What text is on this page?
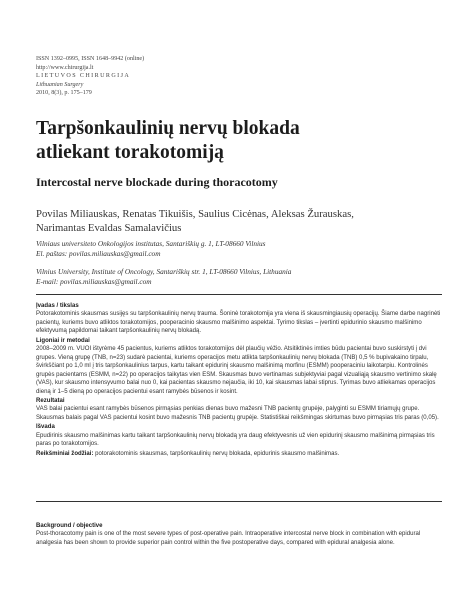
ISSN 1392–0995, ISSN 1648–9942 (online)
http://www.chirurgija.lt
LIETUVOS CHIRURGIJA
Lithuanian Surgery
2010, 8(3), p. 175–179
Tarpšonkaulinių nervų blokada
atliekant torakotomiją
Intercostal nerve blockade during thoracotomy
Povilas Miliauskas, Renatas Tikuišis, Saulius Cicėnas, Aleksas Žurauskas,
Narimantas Evaldas Samalavičius
Vilniaus universiteto Onkologijos institutas, Santariškių g. 1, LT-08660 Vilnius
El. paštas: povilas.miliauskas@gmail.com
Vilnius University, Institute of Oncology, Santariškių str. 1, LT-08660 Vilnius, Lithuania
E-mail: povilas.miliauskas@gmail.com
Įvadas / tikslas

Potorakotominis skausmas susijęs su tarpšonkaulinių nervų trauma. Šoninė torakotomija yra viena iš skausmingiausių operacijų. Šiame darbe nagrinėti pacientų, kuriems buvo atliktos torakotomijos, pooperacinio skausmo malšinimo aspektai. Tyrimo tikslas – įvertinti epidurinio skausmo malšinimo efektyvumą papildomai taikant tarpšonkaulinių nervų blokadą.

Ligoniai ir metodai

2008–2009 m. VUOI ištyrėme 45 pacientus, kuriems atliktos torakotomijos dėl plaučių vėžio. Atsitiktinės imties būdu pacientai buvo suskirstyti į dvi grupes. Vieną grupę (TNB, n=23) sudarė pacientai, kuriems operacijos metu atlikta tarpšonkaulinių nervų blokada (TNB) 0,5 % bupivakaino tirpalu, švirkščiant po 1,0 ml į tris tarpšonkaulinius tarpus, kartu taikant epidurinį skausmo malšinimą morfinu (ESMM) pooperaciniu laikotarpiu. Kontrolinės grupės pacientams (ESMM, n=22) po operacijos taikytas vien ESM. Skausmas buvo vertinamas subjektyviai pagal vizualiąją skausmo vertinimo skalę (VAS), kur skausmo intensyvumo balai nuo 0, kai pacientas skausmo nejaučia, iki 10, kai skausmas labai stiprus. Tyrimas buvo atliekamas operacijos dieną ir 1–5 dieną po operacijos pacientui esant ramybės būsenos ir kosint.

Rezultatai

VAS balai pacientui esant ramybės būsenos pirmąsias penkias dienas buvo mažesni TNB pacientų grupėje, palyginti su ESMM tiriamųjų grupe. Skausmas balais pagal VAS pacientui kosint buvo mažesnis TNB pacientų grupėje. Statistiškai reikšmingas skirtumas buvo pirmąsias tris paras (0,05).

Išvada

Epudirinis skausmo malšinimas kartu taikant tarpšonkaulinių nervų blokadą yra daug efektyvesnis už vien epidurinį skausmo malšinimą pirmąsias tris paras po torakotomijos.

Reikšminiai žodžiai: potorakotominis skausmas, tarpšonkaulinių nervų blokada, epidurinis skausmo malšinimas.
Background / objective

Post-thoracotomy pain is one of the most severe types of post-operative pain. Intraoperative intercostal nerve block in combination with epidural analgesia has been shown to provide superior pain control within the five postoperative days, compared with epidural analgesia alone.
